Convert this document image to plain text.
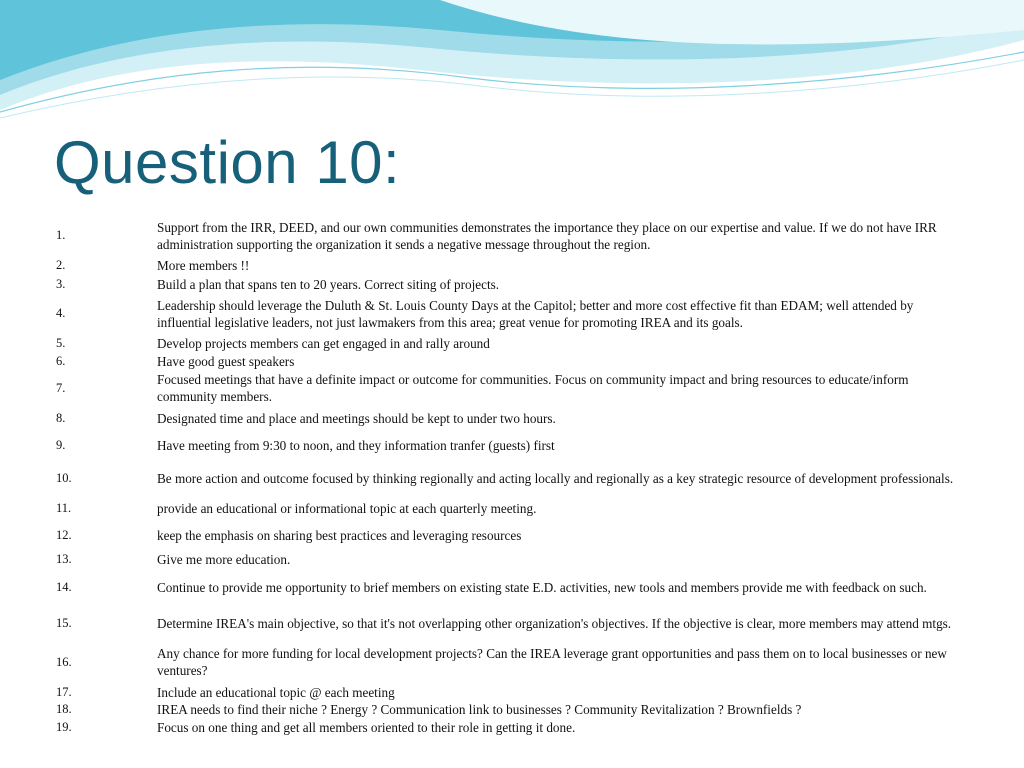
Question 10:
1.	Support from the IRR, DEED, and our own communities demonstrates the importance they place on our expertise and value. If we do not have IRR administration supporting the organization it sends a negative message throughout the region.
2.	More members !!
3.	Build a plan that spans ten to 20 years. Correct siting of projects.
4.	Leadership should leverage the Duluth & St. Louis County Days at the Capitol; better and more cost effective fit than EDAM; well attended by influential legislative leaders, not just lawmakers from this area; great venue for promoting IREA and its goals.
5.	Develop projects members can get engaged in and rally around
6.	Have good guest speakers
7.	Focused meetings that have a definite impact or outcome for communities. Focus on community impact and bring resources to educate/inform community members.
8.	Designated time and place and meetings should be kept to under two hours.
9.	Have meeting from 9:30 to noon, and they information tranfer (guests) first
10.	Be more action and outcome focused by thinking regionally and acting locally and regionally as a key strategic resource of development professionals.
11.	provide an educational or informational topic at each quarterly meeting.
12.	keep the emphasis on sharing best practices and leveraging resources
13.	Give me more education.
14.	Continue to provide me opportunity to brief members on existing state E.D. activities, new tools and members provide me with feedback on such.
15.	Determine IREA's main objective, so that it's not overlapping other organization's objectives. If the objective is clear, more members may attend mtgs.
16.	Any chance for more funding for local development projects? Can the IREA leverage grant opportunities and pass them on to local businesses or new ventures?
17.	Include an educational topic @ each meeting
18.	IREA needs to find their niche ? Energy ? Communication link to businesses ? Community Revitalization ? Brownfields ?
19.	Focus on one thing and get all members oriented to their role in getting it done.
